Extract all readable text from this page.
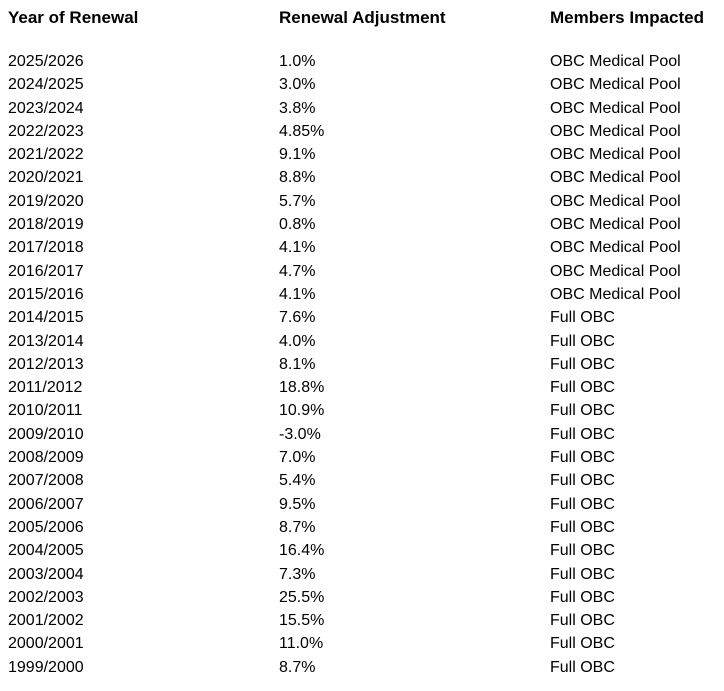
Year of Renewal	Renewal Adjustment	Members Impacted
2025/2026	1.0%	OBC Medical Pool
2024/2025	3.0%	OBC Medical Pool
2023/2024	3.8%	OBC Medical Pool
2022/2023	4.85%	OBC Medical Pool
2021/2022	9.1%	OBC Medical Pool
2020/2021	8.8%	OBC Medical Pool
2019/2020	5.7%	OBC Medical Pool
2018/2019	0.8%	OBC Medical Pool
2017/2018	4.1%	OBC Medical Pool
2016/2017	4.7%	OBC Medical Pool
2015/2016	4.1%	OBC Medical Pool
2014/2015	7.6%	Full OBC
2013/2014	4.0%	Full OBC
2012/2013	8.1%	Full OBC
2011/2012	18.8%	Full OBC
2010/2011	10.9%	Full OBC
2009/2010	-3.0%	Full OBC
2008/2009	7.0%	Full OBC
2007/2008	5.4%	Full OBC
2006/2007	9.5%	Full OBC
2005/2006	8.7%	Full OBC
2004/2005	16.4%	Full OBC
2003/2004	7.3%	Full OBC
2002/2003	25.5%	Full OBC
2001/2002	15.5%	Full OBC
2000/2001	11.0%	Full OBC
1999/2000	8.7%	Full OBC
